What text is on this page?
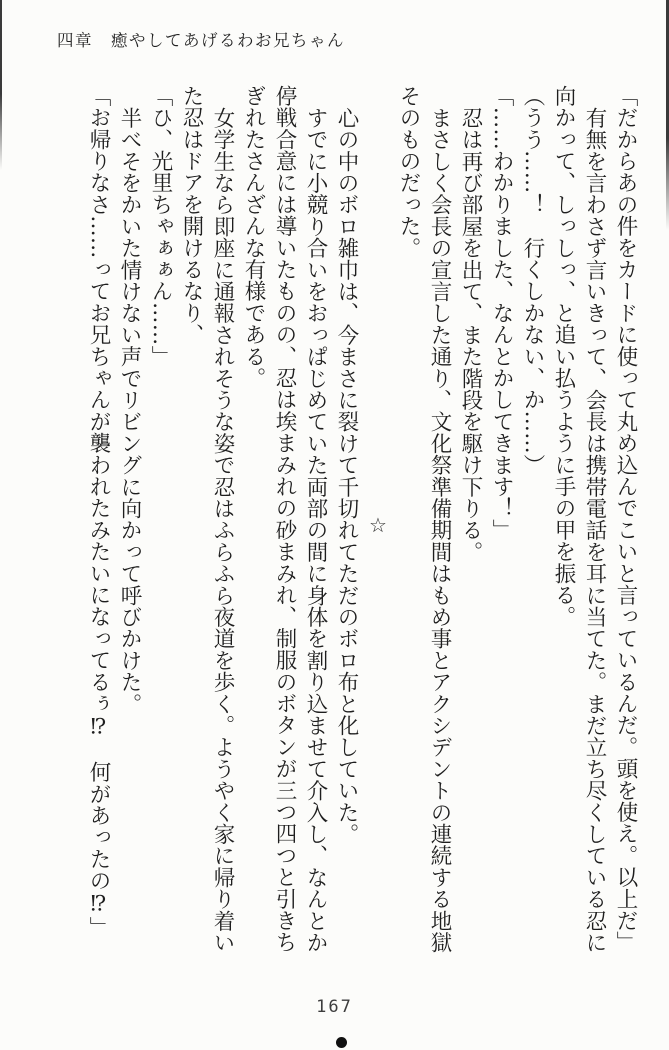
四章　癒やしてあげるわお兄ちゃん

「だからあの件をカードに使って丸め込んでこいと言っているんだ。頭を使え。以上だ」

有無を言わさず言いきって、会長は携帯電話を耳に当てた。まだ立ち尽くしている忍に

向かって、しっしっ、と追い払うように手の甲を振る。

（うう……！　行くしかない、か……）

「……わかりました、なんとかしてきます！」

忍は再び部屋を出て、また階段を駆け下りる。

まさしく会長の宣言した通り、文化祭準備期間はもめ事とアクシデントの連続する地獄

そのものだった。

☆

心の中のボロ雑巾は、今まさに裂けて千切れてただのボロ布と化していた。

すでに小競り合いをおっぱじめていた両部の間に身体を割り込ませて介入し、なんとか

停戦合意には導いたものの、忍は埃まみれの砂まみれ、制服のボタンが三つ四つと引きち

ぎれたさんざんな有様である。

女学生なら即座に通報されそうな姿で忍はふらふら夜道を歩く。ようやく家に帰り着い

た忍はドアを開けるなり、

「ひ、光里ちゃぁぁん……」

半べそをかいた情けない声でリビングに向かって呼びかけた。

「お帰りなさ……ってお兄ちゃんが襲われたみたいになってるぅ⁉　何があったの⁉」

167
